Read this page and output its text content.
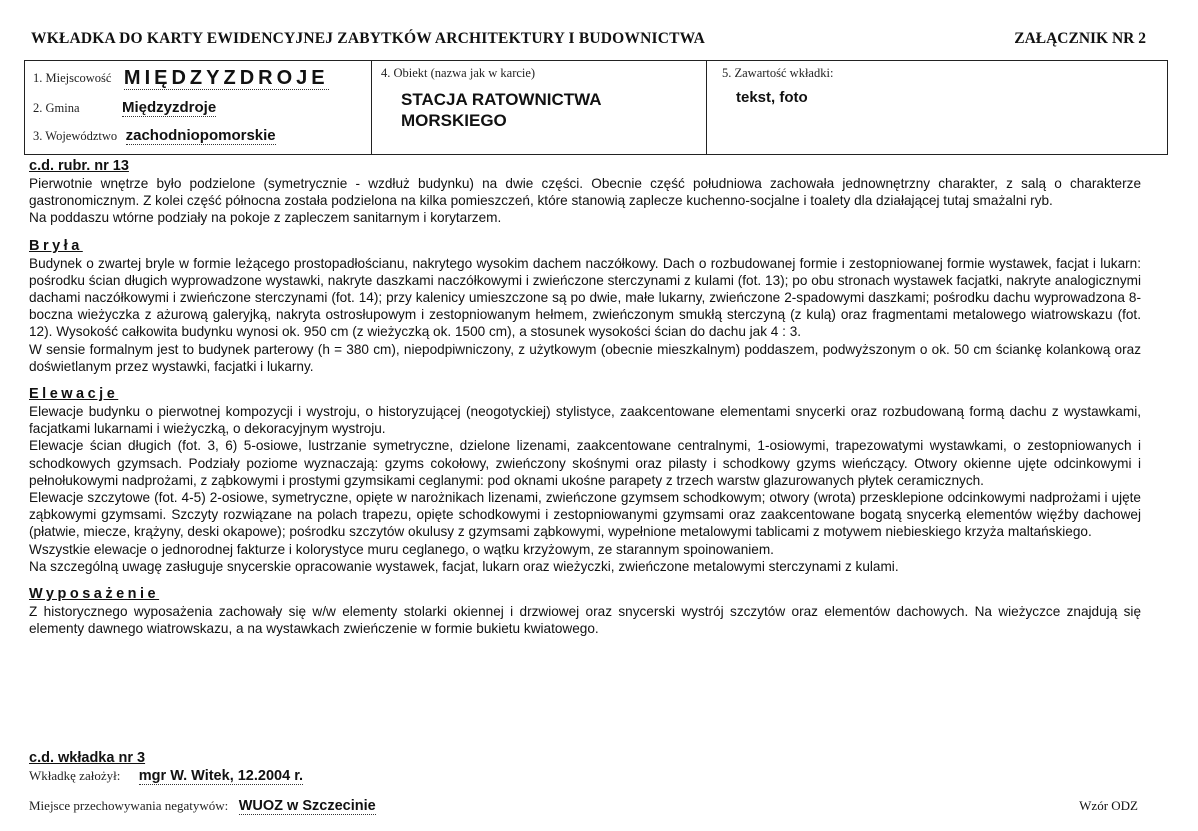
WKŁADKA DO KARTY EWIDENCYJNEJ ZABYTKÓW ARCHITEKTURY I BUDOWNICTWA	ZAŁĄCZNIK NR 2
1. Miejscowość MIĘDZYZDROJE
2. Gmina	Międzyzdroje
3. Województwo zachodniopomorskie
4. Obiekt (nazwa jak w karcie)
STACJA RATOWNICTWA
MORSKIEGO
5. Zawartość wkładki:
tekst, foto
c.d. rubr. nr 13

Pierwotnie wnętrze było podzielone (symetrycznie - wzdłuż budynku) na dwie części. Obecnie część południowa zachowała jednownętrzny charakter, z salą o charakterze gastronomicznym. Z kolei część północna została podzielona na kilka pomieszczeń, które stanowią zaplecze kuchenno-socjalne i toalety dla działającej tutaj smażalni ryb.

Na poddaszu wtórne podziały na pokoje z zapleczem sanitarnym i korytarzem.

Bryła

Budynek o zwartej bryle w formie leżącego prostopadłościanu, nakrytego wysokim dachem naczółkowy. Dach o rozbudowanej formie i zestopniowanej formie wystawek, facjat i lukarn: pośrodku ścian długich wyprowadzone wystawki, nakryte daszkami naczółkowymi i zwieńczone sterczynami z kulami (fot. 13); po obu stronach wystawek facjatki, nakryte analogicznymi dachami naczółkowymi i zwieńczone sterczynami (fot. 14); przy kalenicy umieszczone są po dwie, małe lukarny, zwieńczone 2-spadowymi daszkami; pośrodku dachu wyprowadzona 8-boczna wieżyczka z ażurową galeryjką, nakryta ostrosłupowym i zestopniowanym hełmem, zwieńczonym smukłą sterczyną (z kulą) oraz fragmentami metalowego wiatrowskazu (fot. 12). Wysokość całkowita budynku wynosi ok. 950 cm (z wieżyczką ok. 1500 cm), a stosunek wysokości ścian do dachu jak 4 : 3.

W sensie formalnym jest to budynek parterowy (h = 380 cm), niepodpiwniczony, z użytkowym (obecnie mieszkalnym) poddaszem, podwyższonym o ok. 50 cm ściankę kolankową oraz doświetlanym przez wystawki, facjatki i lukarny.

Elewacje

Elewacje budynku o pierwotnej kompozycji i wystroju, o historyzującej (neogotyckiej) stylistyce, zaakcentowane elementami snycerki oraz rozbudowaną formą dachu z wystawkami, facjatkami lukarnami i wieżyczką, o dekoracyjnym wystroju.

Elewacje ścian długich (fot. 3, 6) 5-osiowe, lustrzanie symetryczne, dzielone lizenami, zaakcentowane centralnymi, 1-osiowymi, trapezowatymi wystawkami, o zestopniowanych i schodkowych gzymsach. Podziały poziome wyznaczają: gzyms cokołowy, zwieńczony skośnymi oraz pilasty i schodkowy gzyms wieńczący. Otwory okienne ujęte odcinkowymi i pełnołukowymi nadprożami, z ząbkowymi i prostymi gzymsikami ceglanymi: pod oknami ukośne parapety z trzech warstw glazurowanych płytek ceramicznych.

Elewacje szczytowe (fot. 4-5) 2-osiowe, symetryczne, opięte w narożnikach lizenami, zwieńczone gzymsem schodkowym; otwory (wrota) przesklepione odcinkowymi nadprożami i ujęte ząbkowymi gzymsami. Szczyty rozwiązane na polach trapezu, opięte schodkowymi i zestopniowanymi gzymsami oraz zaakcentowane bogatą snycerką elementów więźby dachowej (płatwie, miecze, krążyny, deski okapowe); pośrodku szczytów okulusy z gzymsami ząbkowymi, wypełnione metalowymi tablicami z motywem niebieskiego krzyża maltańskiego.

Wszystkie elewacje o jednorodnej fakturze i kolorystyce muru ceglanego, o wątku krzyżowym, ze starannym spoinowaniem.

Na szczególną uwagę zasługuje snycerskie opracowanie wystawek, facjat, lukarn oraz wieżyczki, zwieńczone metalowymi sterczynami z kulami.

Wyposażenie

Z historycznego wyposażenia zachowały się w/w elementy stolarki okiennej i drzwiowej oraz snycerski wystrój szczytów oraz elementów dachowych. Na wieżyczce znajdują się elementy dawnego wiatrowskazu, a na wystawkach zwieńczenie w formie bukietu kwiatowego.

c.d. wkładka nr 3
Wkładkę założył: mgr W. Witek, 12.2004 r.
Miejsce przechowywania negatywów: WUOZ w Szczecinie	Wzór ODZ
